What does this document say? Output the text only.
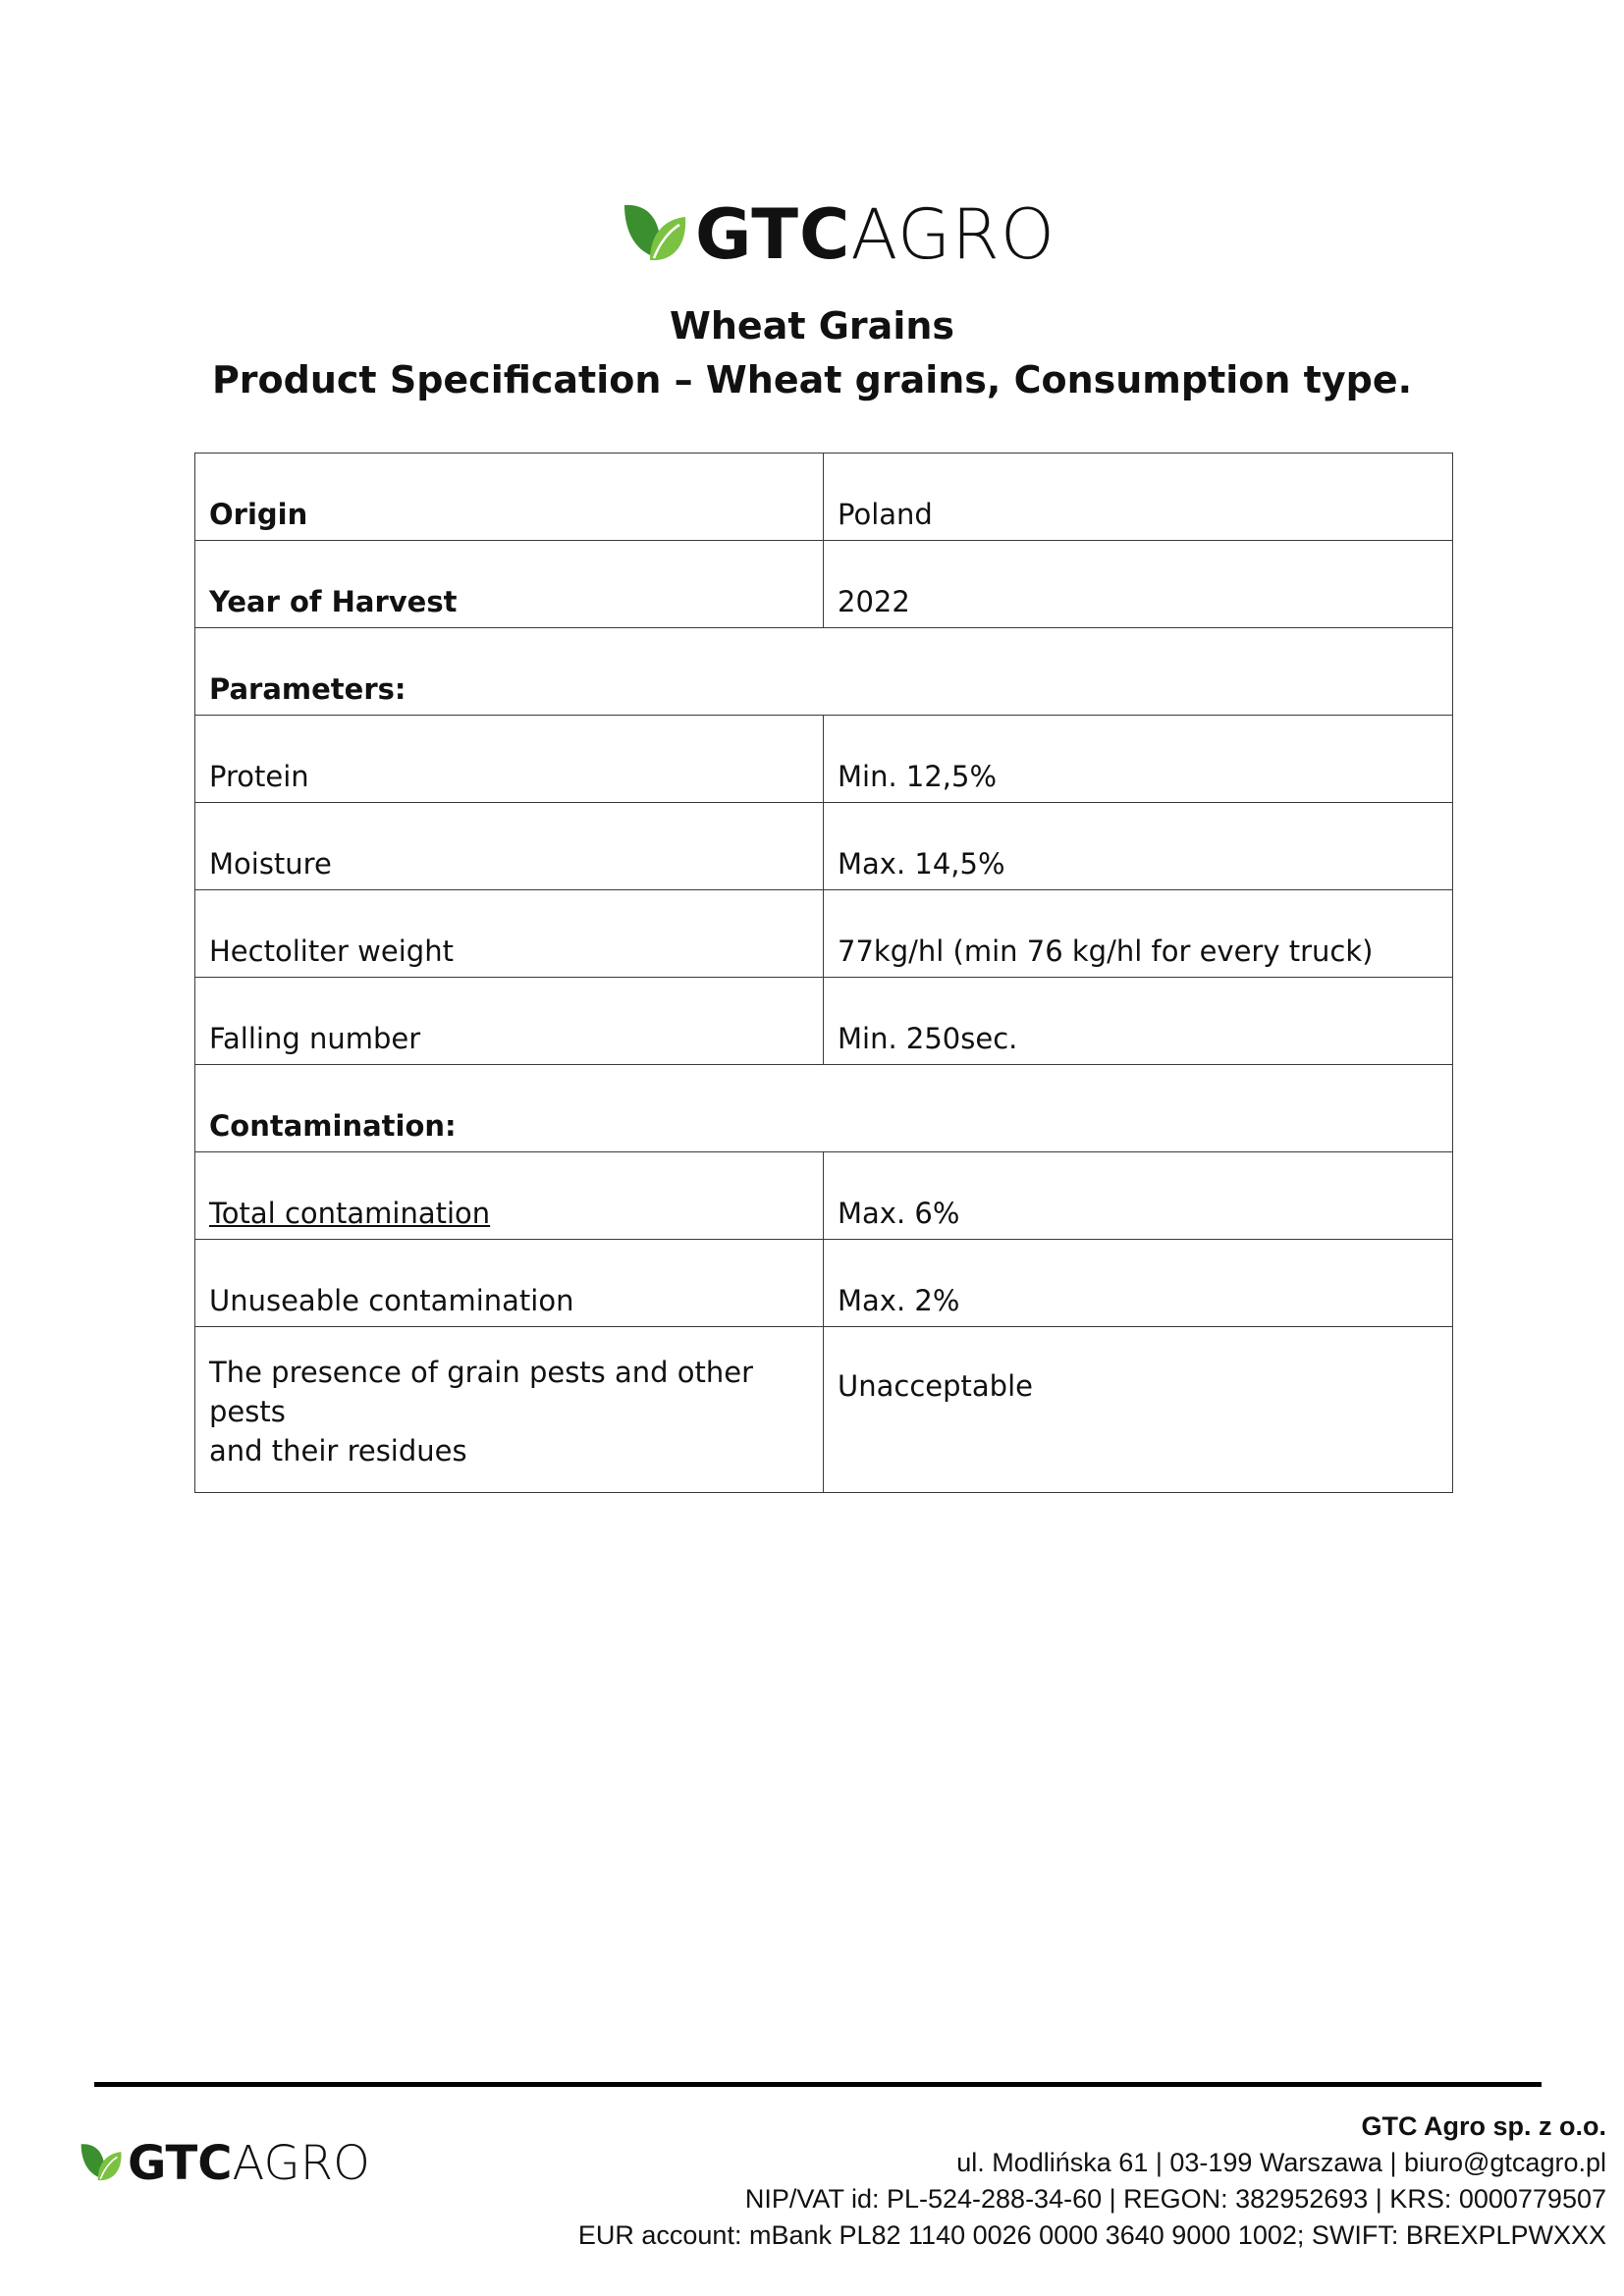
GTCAGRO
Wheat Grains
Product Specification – Wheat grains, Consumption type.
Origin	Poland
Year of Harvest	2022
Parameters:	
Protein	Min. 12,5%
Moisture	Max. 14,5%
Hectoliter weight	77kg/hl (min 76 kg/hl for every truck)
Falling number	Min. 250sec.
Contamination:	
Total contamination	Max. 6%
Unuseable contamination	Max. 2%
The presence of grain pests and other pests
and their residues	Unacceptable
GTCAGRO
GTC Agro sp. z o.o.
ul. Modlińska 61 | 03-199 Warszawa | biuro@gtcagro.pl
NIP/VAT id: PL-524-288-34-60 | REGON: 382952693 | KRS: 0000779507
EUR account: mBank PL82 1140 0026 0000 3640 9000 1002; SWIFT: BREXPLPWXXX
